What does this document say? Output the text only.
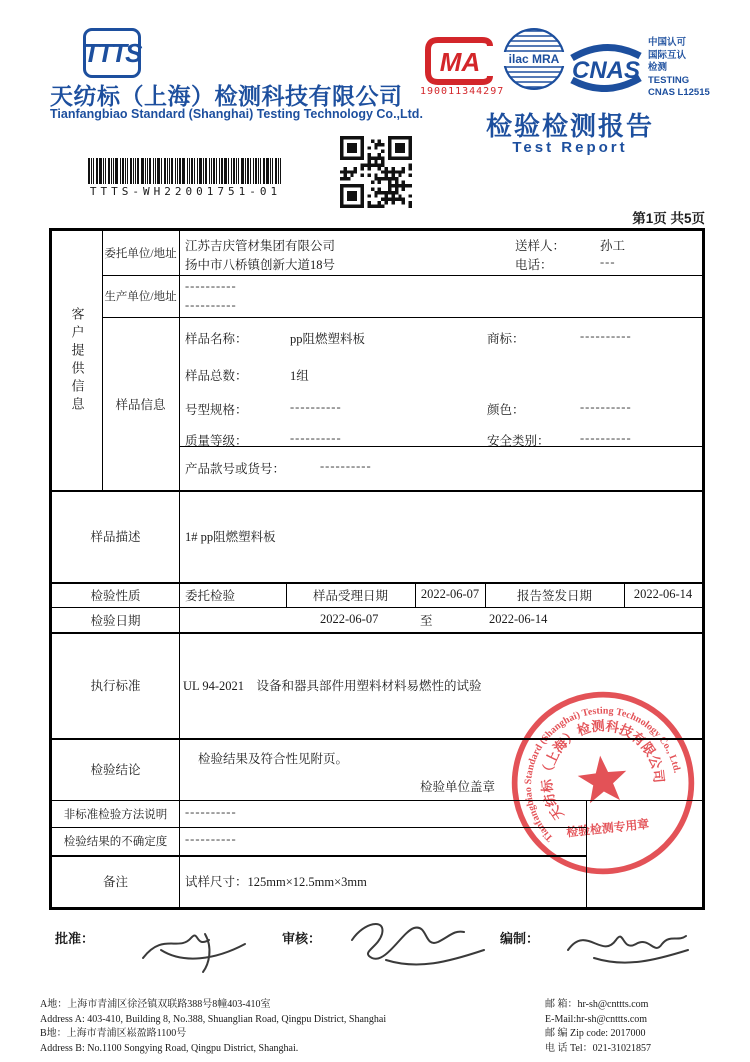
TTTS
天纺标（上海）检测科技有限公司
Tianfangbiao Standard (Shanghai) Testing Technology Co.,Ltd.
MA
190011344297
ilac MRA CNAS
中国认可
国际互认
检测
TESTING
CNAS L12515
检验检测报告
Test Report
TTTS-WH22001751-01
第1页 共5页
客户提供信息
委托单位/地址
江苏吉庆管材集团有限公司
扬中市八桥镇创新大道18号
送样人：	孙工
电话：	---
生产单位/地址
----------
----------
样品信息
样品名称：	pp阻燃塑料板	商标：	----------
样品总数：	1组
号型规格：	----------	颜色：	----------
质量等级：	----------	安全类别： ----------
产品款号或货号：	----------
样品描述	1# pp阻燃塑料板
检验性质	委托检验	样品受理日期	2022-06-07	报告签发日期	2022-06-14
检验日期	2022-06-07	至	2022-06-14
执行标准	UL 94-2021　设备和器具部件用塑料材料易燃性的试验
检验结论
检验结果及符合性见附页。
检验单位盖章
非标准检验方法说明	----------
检验结果的不确定度	----------
备注	试样尺寸：125mm×12.5mm×3mm
Tianfangbiao Standard (Shanghai) Testing Technology Co., Ltd.
天纺标（上海）检测科技有限公司
检验检测专用章
批准：	审核：	编制：
A地：上海市青浦区徐泾镇双联路388号8幢403-410室
Address A: 403-410, Building 8, No.388, Shuanglian Road, Qingpu District, Shanghai
B地：上海市青浦区崧盈路1100号
Address B: No.1100 Songying Road, Qingpu District, Shanghai.
邮 箱：hr-sh@cnttts.com
E-Mail:hr-sh@cnttts.com
邮 编 Zip code: 2017000
电 话 Tel：021-31021857
